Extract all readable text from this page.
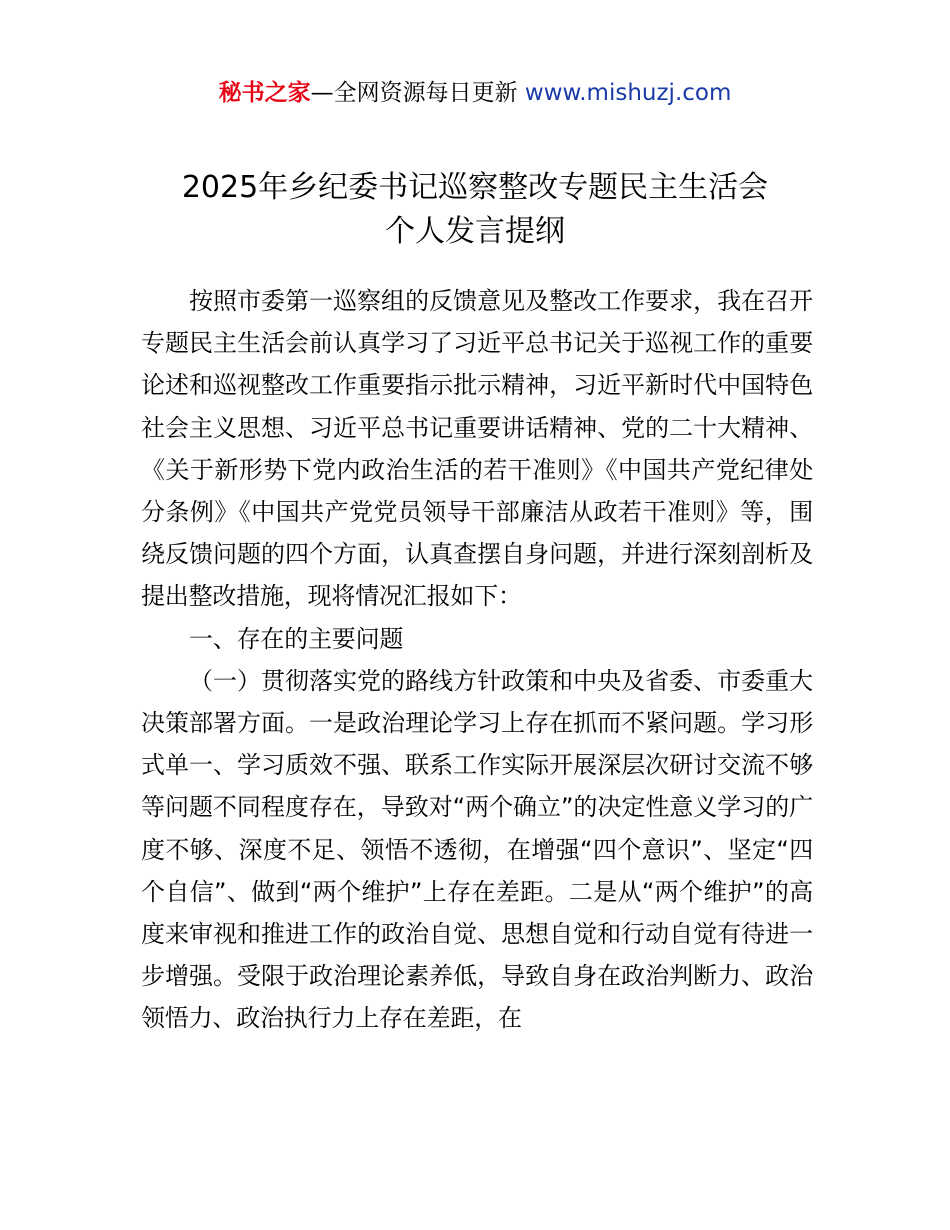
秘书之家—全网资源每日更新 www.mishuzj.com
2025年乡纪委书记巡察整改专题民主生活会
个人发言提纲

按照市委第一巡察组的反馈意见及整改工作要求，我在召开专题民主生活会前认真学习了习近平总书记关于巡视工作的重要论述和巡视整改工作重要指示批示精神，习近平新时代中国特色社会主义思想、习近平总书记重要讲话精神、党的二十大精神、《关于新形势下党内政治生活的若干准则》《中国共产党纪律处分条例》《中国共产党党员领导干部廉洁从政若干准则》等，围绕反馈问题的四个方面，认真查摆自身问题，并进行深刻剖析及提出整改措施，现将情况汇报如下：

一、存在的主要问题

（一）贯彻落实党的路线方针政策和中央及省委、市委重大决策部署方面。一是政治理论学习上存在抓而不紧问题。学习形式单一、学习质效不强、联系工作实际开展深层次研讨交流不够等问题不同程度存在，导致对“两个确立”的决定性意义学习的广度不够、深度不足、领悟不透彻，在增强“四个意识”、坚定“四个自信”、做到“两个维护”上存在差距。二是从“两个维护”的高度来审视和推进工作的政治自觉、思想自觉和行动自觉有待进一步增强。受限于政治理论素养低，导致自身在政治判断力、政治领悟力、政治执行力上存在差距，在
